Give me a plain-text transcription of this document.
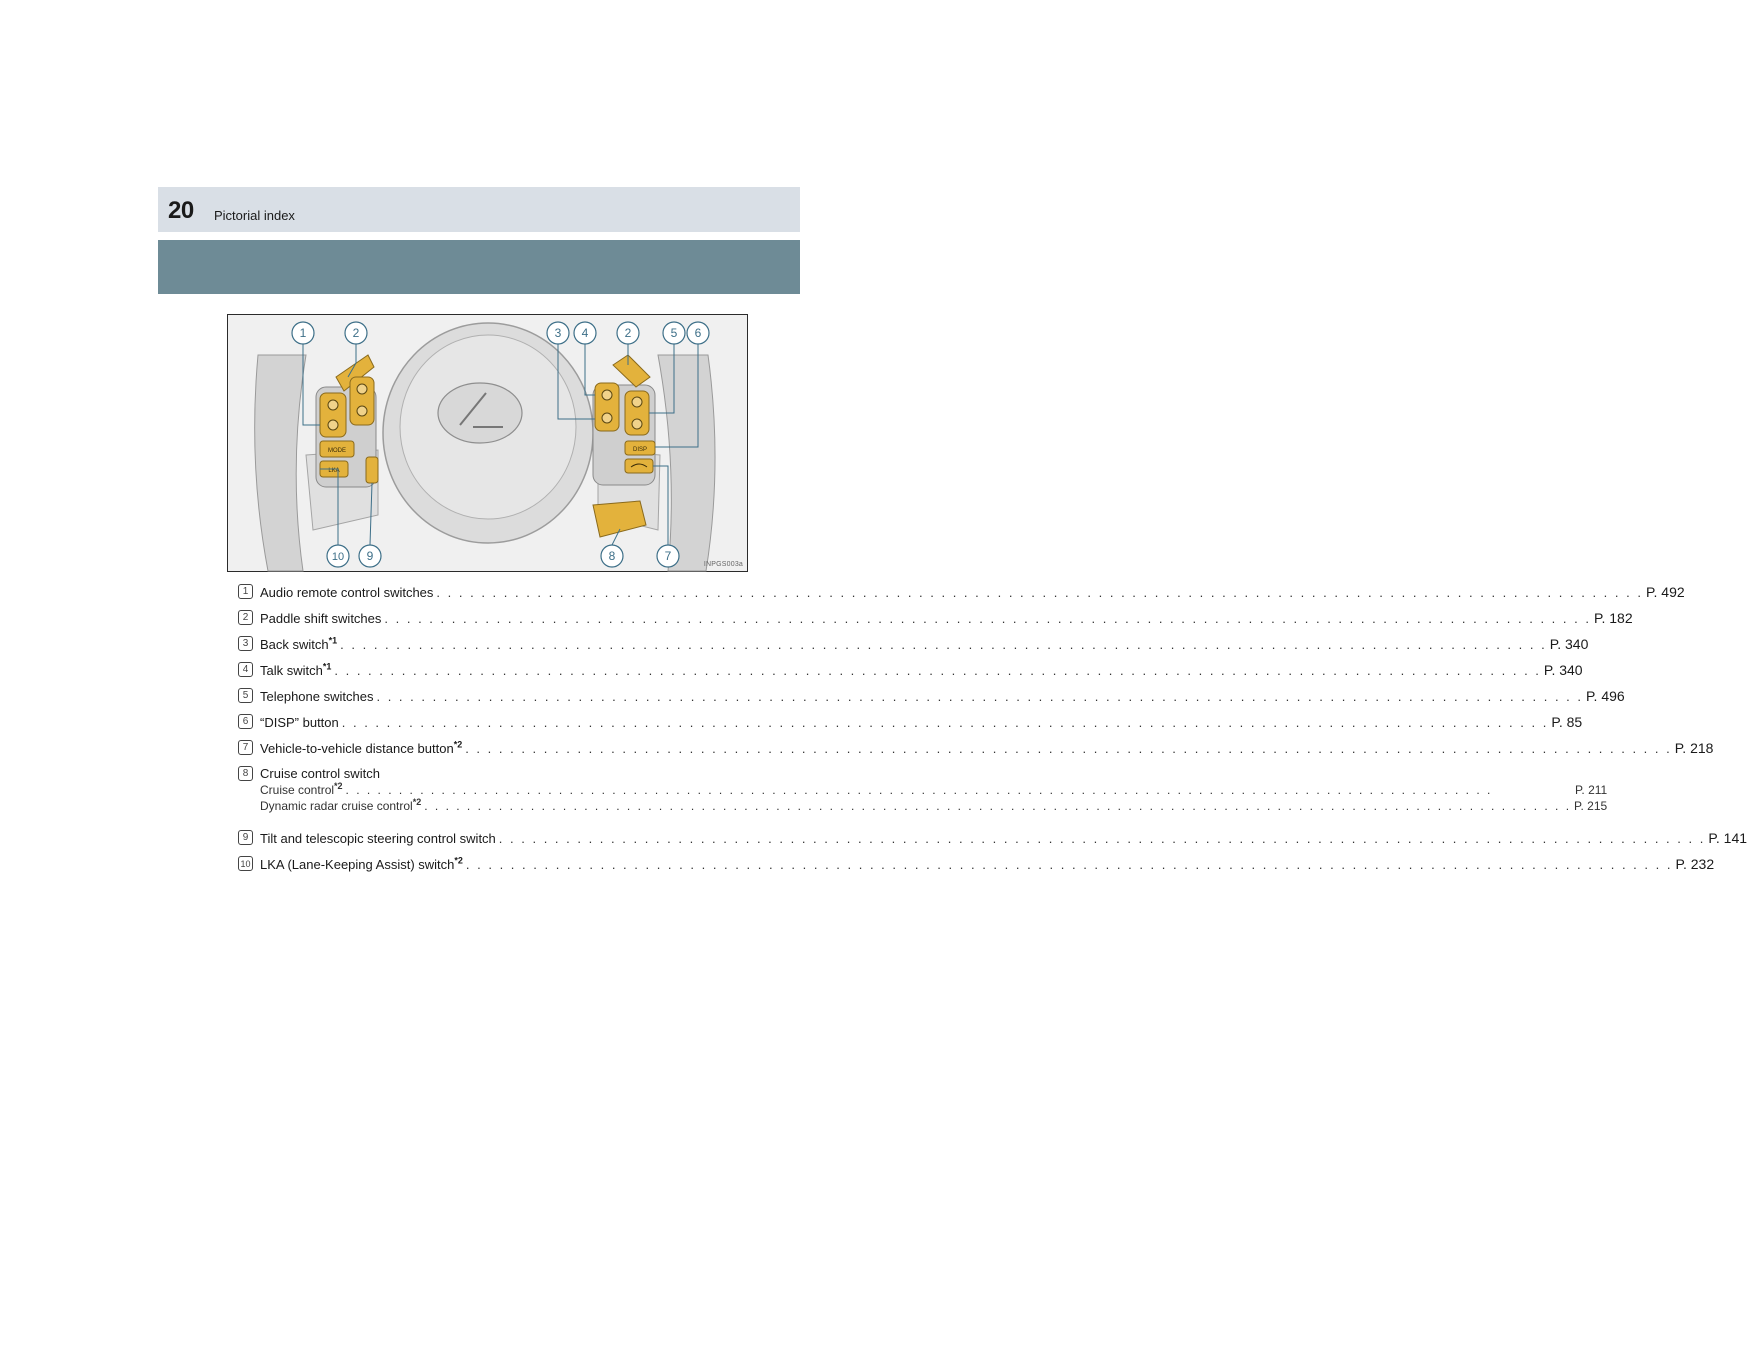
20 Pictorial index
MODE
LKA
DISP
1	2	3 4	2	5 6
10 9	8	7
INPGS003a
1 Audio remote control switches . . .	P. 492
2 Paddle shift switches . . .	P. 182
3 Back switch$^{*1}$ . . .	P. 340
4 Talk switch$^{*1}$ . . .	P. 340
5 Telephone switches . . .	P. 496
6 “DISP” button . . .	P. 85
7 Vehicle-to-vehicle distance button$^{*2}$ . . .	P. 218
8 Cruise control switch
Cruise control$^{*2}$ . . .	P. 211
Dynamic radar cruise control$^{*2}$ . . .	P. 215
9 Tilt and telescopic steering control switch . . .	P. 141
10 LKA (Lane-Keeping Assist) switch$^{*2}$ . . .	P. 232
